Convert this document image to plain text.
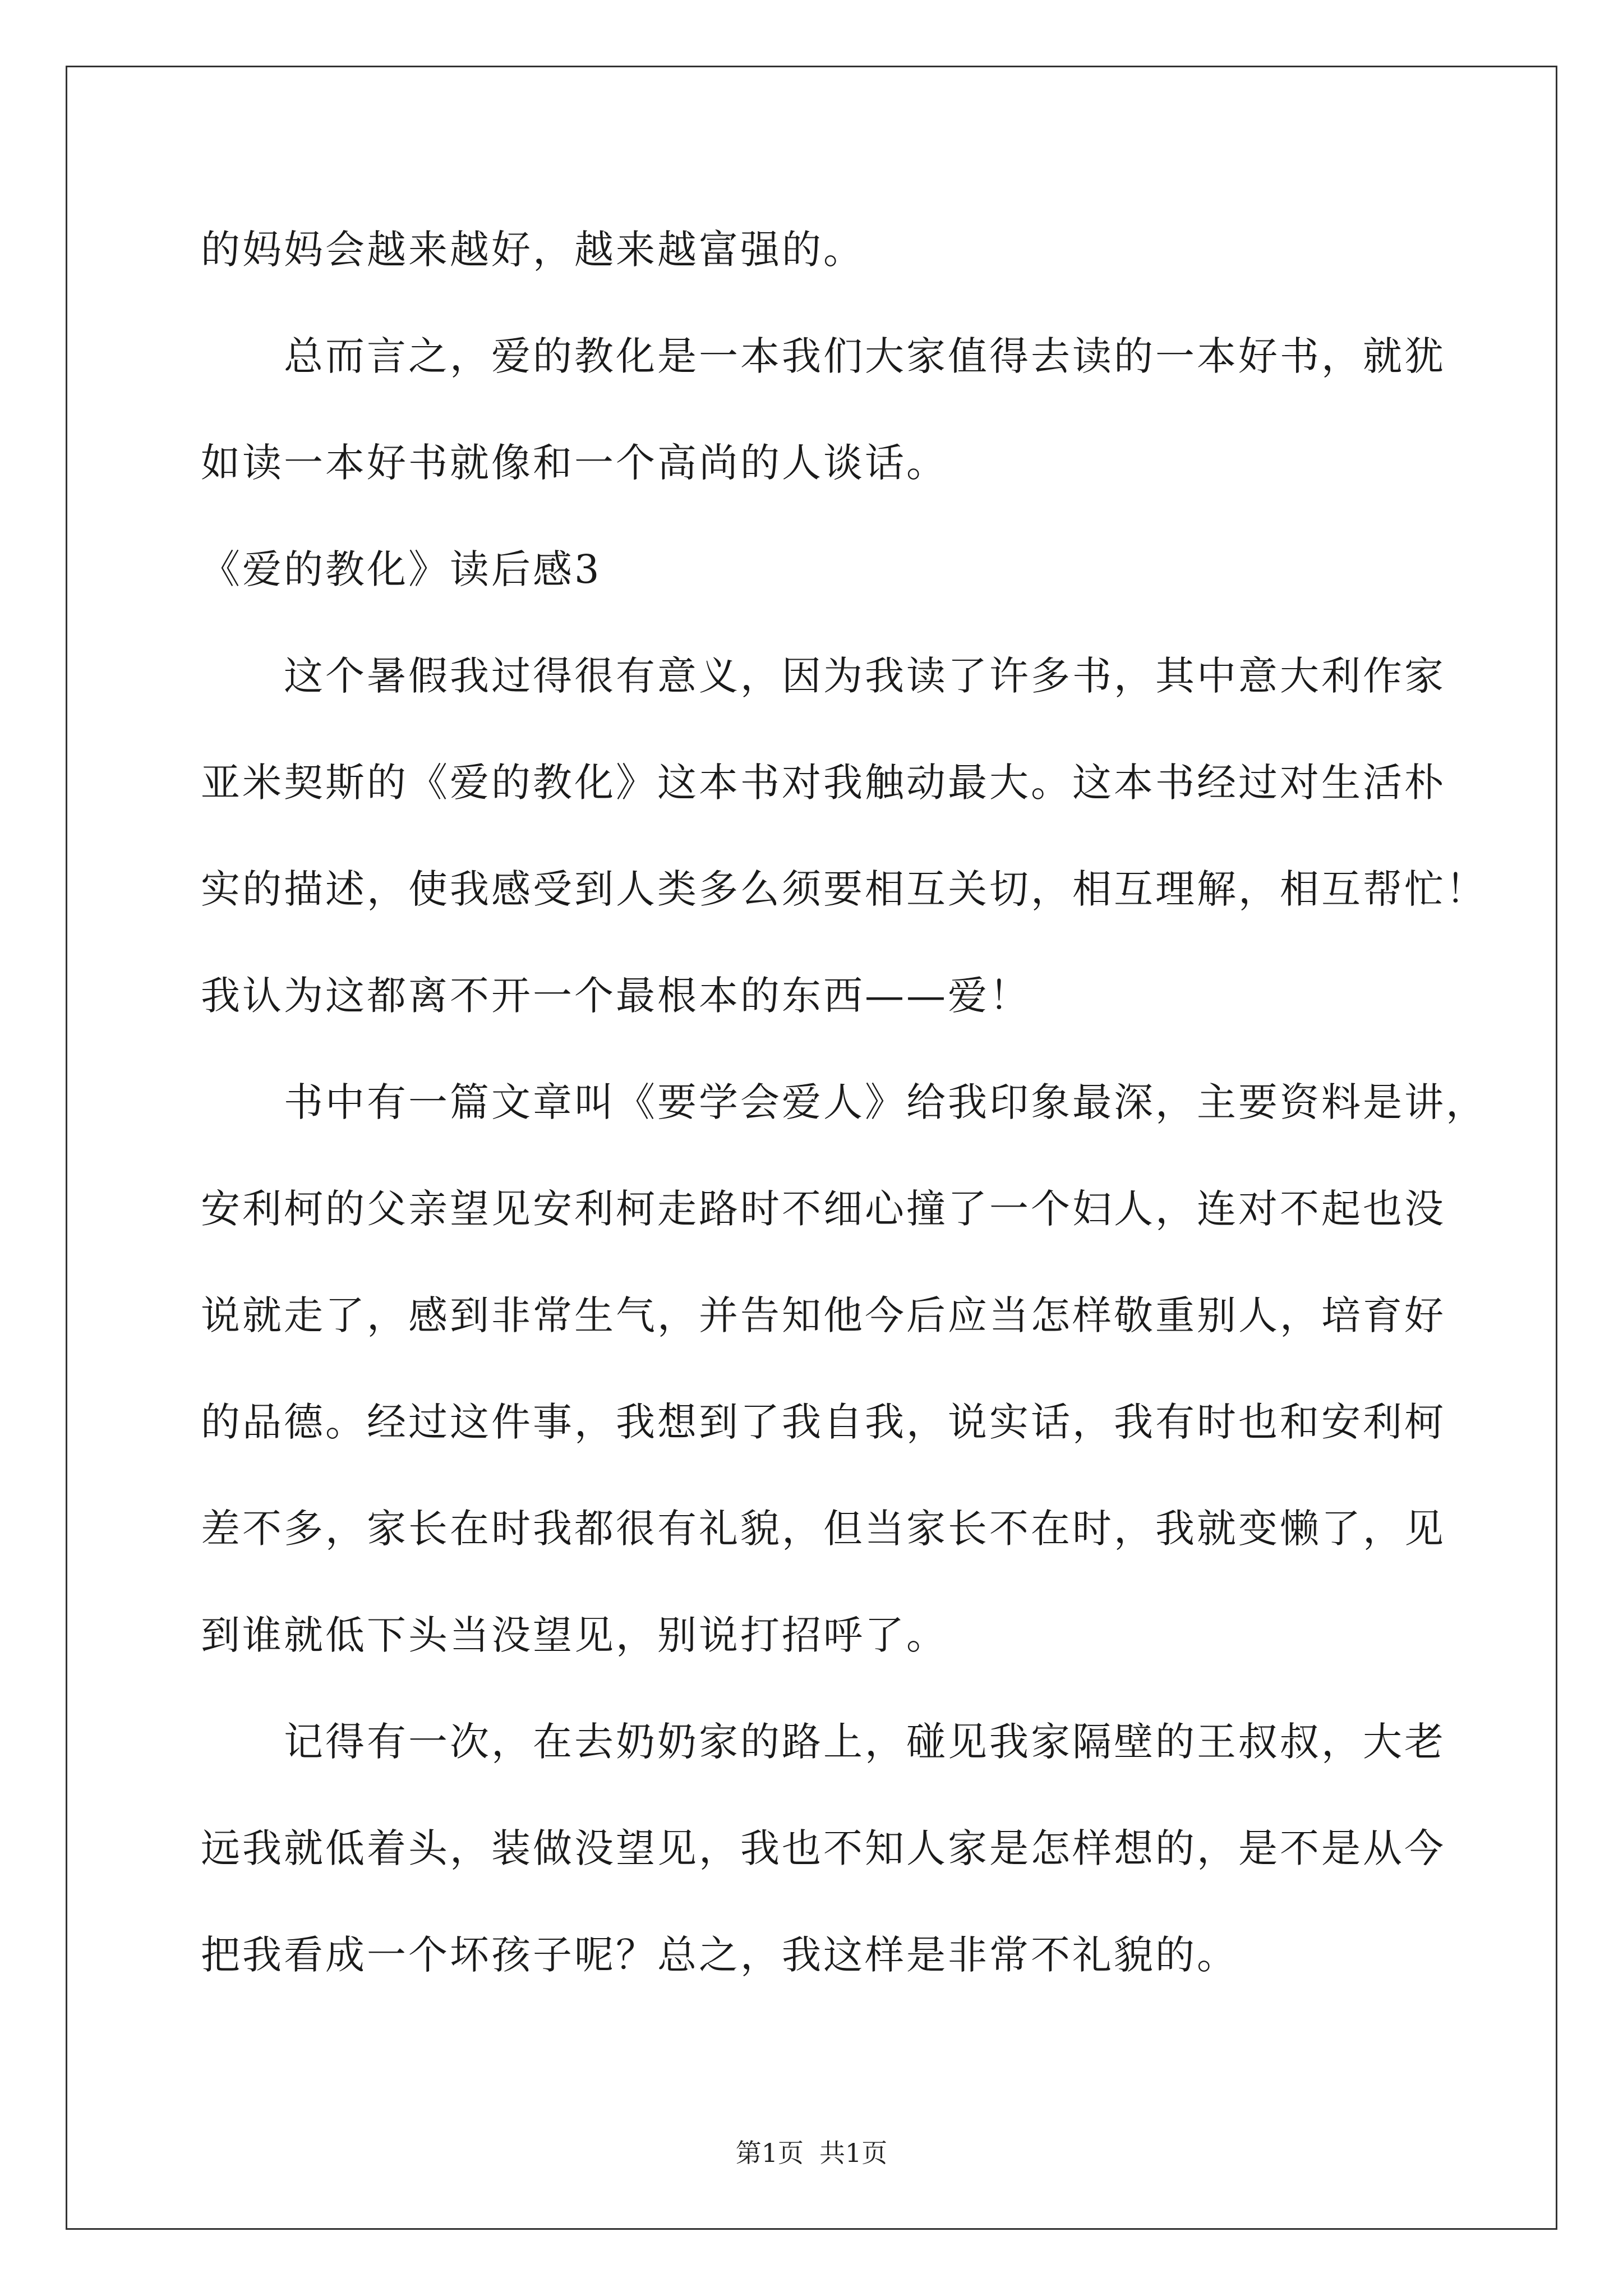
的妈妈会越来越好，越来越富强的。
总而言之，爱的教化是一本我们大家值得去读的一本好书，就犹
如读一本好书就像和一个高尚的人谈话。
《爱的教化》读后感3
这个暑假我过得很有意义，因为我读了许多书，其中意大利作家
亚米契斯的《爱的教化》这本书对我触动最大。这本书经过对生活朴
实的描述，使我感受到人类多么须要相互关切，相互理解，相互帮忙！
我认为这都离不开一个最根本的东西——爱！
书中有一篇文章叫《要学会爱人》给我印象最深，主要资料是讲，
安利柯的父亲望见安利柯走路时不细心撞了一个妇人，连对不起也没
说就走了，感到非常生气，并告知他今后应当怎样敬重别人，培育好
的品德。经过这件事，我想到了我自我，说实话，我有时也和安利柯
差不多，家长在时我都很有礼貌，但当家长不在时，我就变懒了，见
到谁就低下头当没望见，别说打招呼了。
记得有一次，在去奶奶家的路上，碰见我家隔壁的王叔叔，大老
远我就低着头，装做没望见，我也不知人家是怎样想的，是不是从今
把我看成一个坏孩子呢？总之，我这样是非常不礼貌的。
第1页 共1页
